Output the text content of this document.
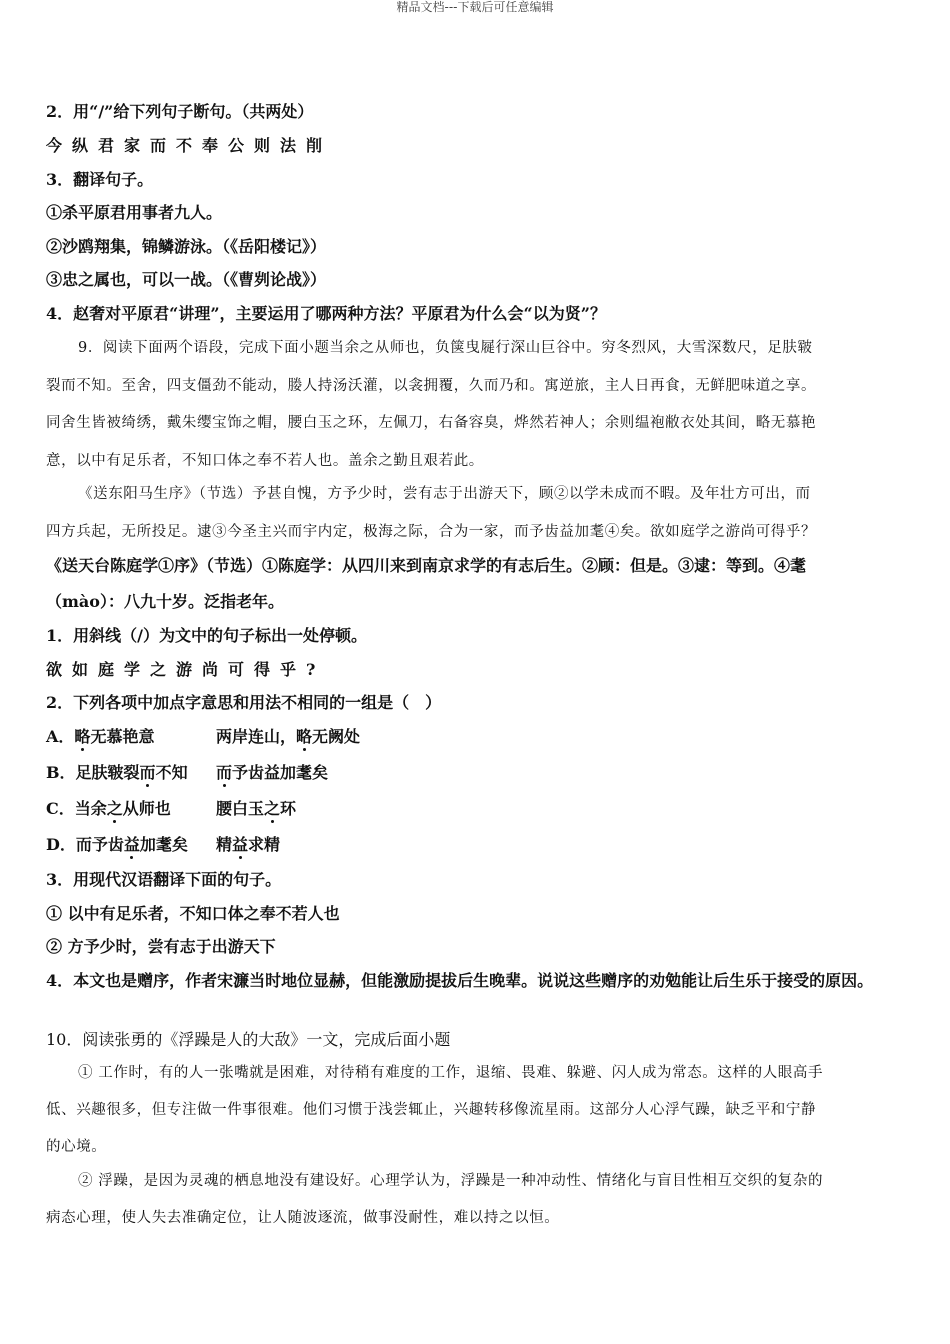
精品文档---下载后可任意编辑
2．用“/”给下列句子断句。（共两处）
今纵君家而不奉公则法削
3．翻译句子。
①杀平原君用事者九人。
②沙鸥翔集，锦鳞游泳。（《岳阳楼记》）
③忠之属也，可以一战。（《曹刿论战》）
4．赵奢对平原君“讲理”，主要运用了哪两种方法？平原君为什么会“以为贤”？
9．阅读下面两个语段，完成下面小题当余之从师也，负箧曳屣行深山巨谷中。穷冬烈风，大雪深数尺，足肤皲
裂而不知。至舍，四支僵劲不能动，媵人持汤沃灌，以衾拥覆，久而乃和。寓逆旅，主人日再食，无鲜肥味道之享。
同舍生皆被绮绣，戴朱缨宝饰之帽，腰白玉之环，左佩刀，右备容臭，烨然若神人；余则缊袍敝衣处其间，略无慕艳
意，以中有足乐者，不知口体之奉不若人也。盖余之勤且艰若此。
《送东阳马生序》（节选）予甚自愧，方予少时，尝有志于出游天下，顾②以学未成而不暇。及年壮方可出，而
四方兵起，无所投足。逮③今圣主兴而宇内定，极海之际，合为一家，而予齿益加耄④矣。欲如庭学之游尚可得乎？
《送天台陈庭学①序》（节选）①陈庭学：从四川来到南京求学的有志后生。②顾：但是。③逮：等到。④耄
（mào）：八九十岁。泛指老年。
1．用斜线（/）为文中的句子标出一处停顿。
欲如庭学之游尚可得乎?
2．下列各项中加点字意思和用法不相同的一组是（　）
A．略无慕艳意	两岸连山，略无阙处
B．足肤皲裂而不知 而予齿益加耄矣
C．当余之从师也	腰白玉之环
D．而予齿益加耄矣 精益求精
3．用现代汉语翻译下面的句子。
① 以中有足乐者，不知口体之奉不若人也
② 方予少时，尝有志于出游天下
4．本文也是赠序，作者宋濂当时地位显赫，但能激励提拔后生晚辈。说说这些赠序的劝勉能让后生乐于接受的原因。
10．阅读张勇的《浮躁是人的大敌》一文，完成后面小题
① 工作时，有的人一张嘴就是困难，对待稍有难度的工作，退缩、畏难、躲避、闪人成为常态。这样的人眼高手
低、兴趣很多，但专注做一件事很难。他们习惯于浅尝辄止，兴趣转移像流星雨。这部分人心浮气躁，缺乏平和宁静
的心境。
② 浮躁，是因为灵魂的栖息地没有建设好。心理学认为，浮躁是一种冲动性、情绪化与盲目性相互交织的复杂的
病态心理，使人失去准确定位，让人随波逐流，做事没耐性，难以持之以恒。
